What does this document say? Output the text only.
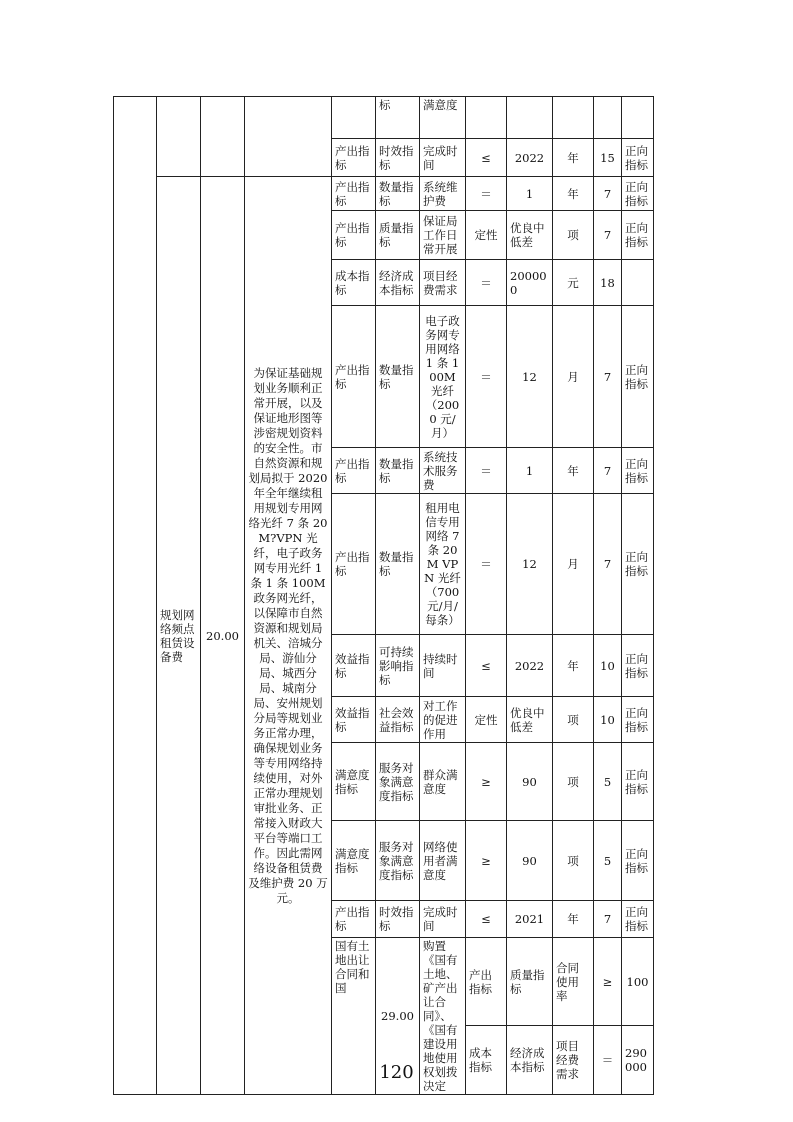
					标	满意度						
				产出指标	时效指标	完成时间	≤	2022	年	15	正向指标	
	规划网络频点租赁设备费	20.00	为保证基础规划业务顺利正常开展，以及保证地形图等涉密规划资料的安全性。市自然资源和规划局拟于 2020 年全年继续租用规划专用网络光纤 7 条 20M?VPN 光纤，电子政务网专用光纤 1 条 1 条 100M 政务网光纤，以保障市自然资源和规划局机关、涪城分局、游仙分局、城西分局、城南分局、安州规划分局等规划业务正常办理，确保规划业务等专用网络持续使用，对外正常办理规划审批业务、正常接入财政大平台等端口工作。因此需网络设备租赁费及维护费 20 万元。	产出指标	数量指标	系统维护费	＝	1	年	7	正向指标	
				产出指标	质量指标	保证局工作日常开展	定性	优良中低差	项	7	正向指标	
				成本指标	经济成本指标	项目经费需求	＝	200000	元	18		
				产出指标	数量指标	电子政务网专用网络 1 条 100M 光纤（2000 元/月）	＝	12	月	7	正向指标	
				产出指标	数量指标	系统技术服务费	＝	1	年	7	正向指标	
				产出指标	数量指标	租用电信专用网络 7 条 20M VPN 光纤（700 元/月/每条）	＝	12	月	7	正向指标	
				效益指标	可持续影响指标	持续时间	≤	2022	年	10	正向指标	
				效益指标	社会效益指标	对工作的促进作用	定性	优良中低差	项	10	正向指标	
				满意度指标	服务对象满意度指标	群众满意度	≥	90	项	5	正向指标	
				满意度指标	服务对象满意度指标	网络使用者满意度	≥	90	项	5	正向指标	
				产出指标	时效指标	完成时间	≤	2021	年	7	正向指标	
				国有土地出让合同和国	29.00	购置《国有土地、矿产出让合同》、《国有建设用地使用权划拨决定	产出指标	质量指标	合同使用率	≥	100			
							成本指标	经济成本指标	项目经费需求	＝	290000			
120
